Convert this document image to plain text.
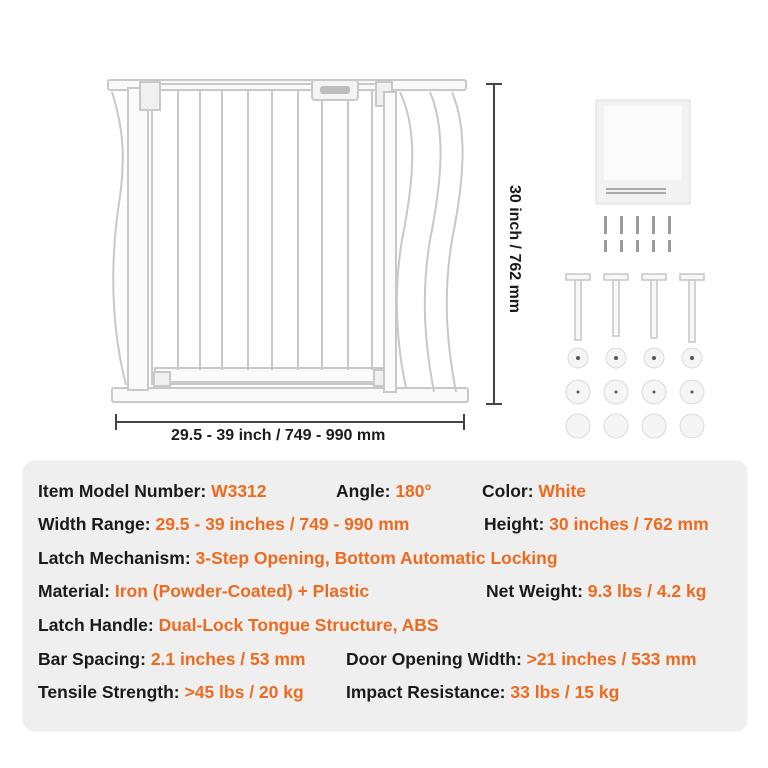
30 inch / 762 mm
29.5 - 39 inch / 749 - 990 mm
Item Model Number: W3312	Angle: 180°	Color: White
Width Range: 29.5 - 39 inches / 749 - 990 mm	Height: 30 inches / 762 mm
Latch Mechanism: 3-Step Opening, Bottom Automatic Locking
Material: Iron (Powder-Coated) + Plastic	Net Weight: 9.3 lbs / 4.2 kg
Latch Handle: Dual-Lock Tongue Structure, ABS
Bar Spacing: 2.1 inches / 53 mm Door Opening Width: >21 inches / 533 mm
Tensile Strength: >45 lbs / 20 kg Impact Resistance: 33 lbs / 15 kg
